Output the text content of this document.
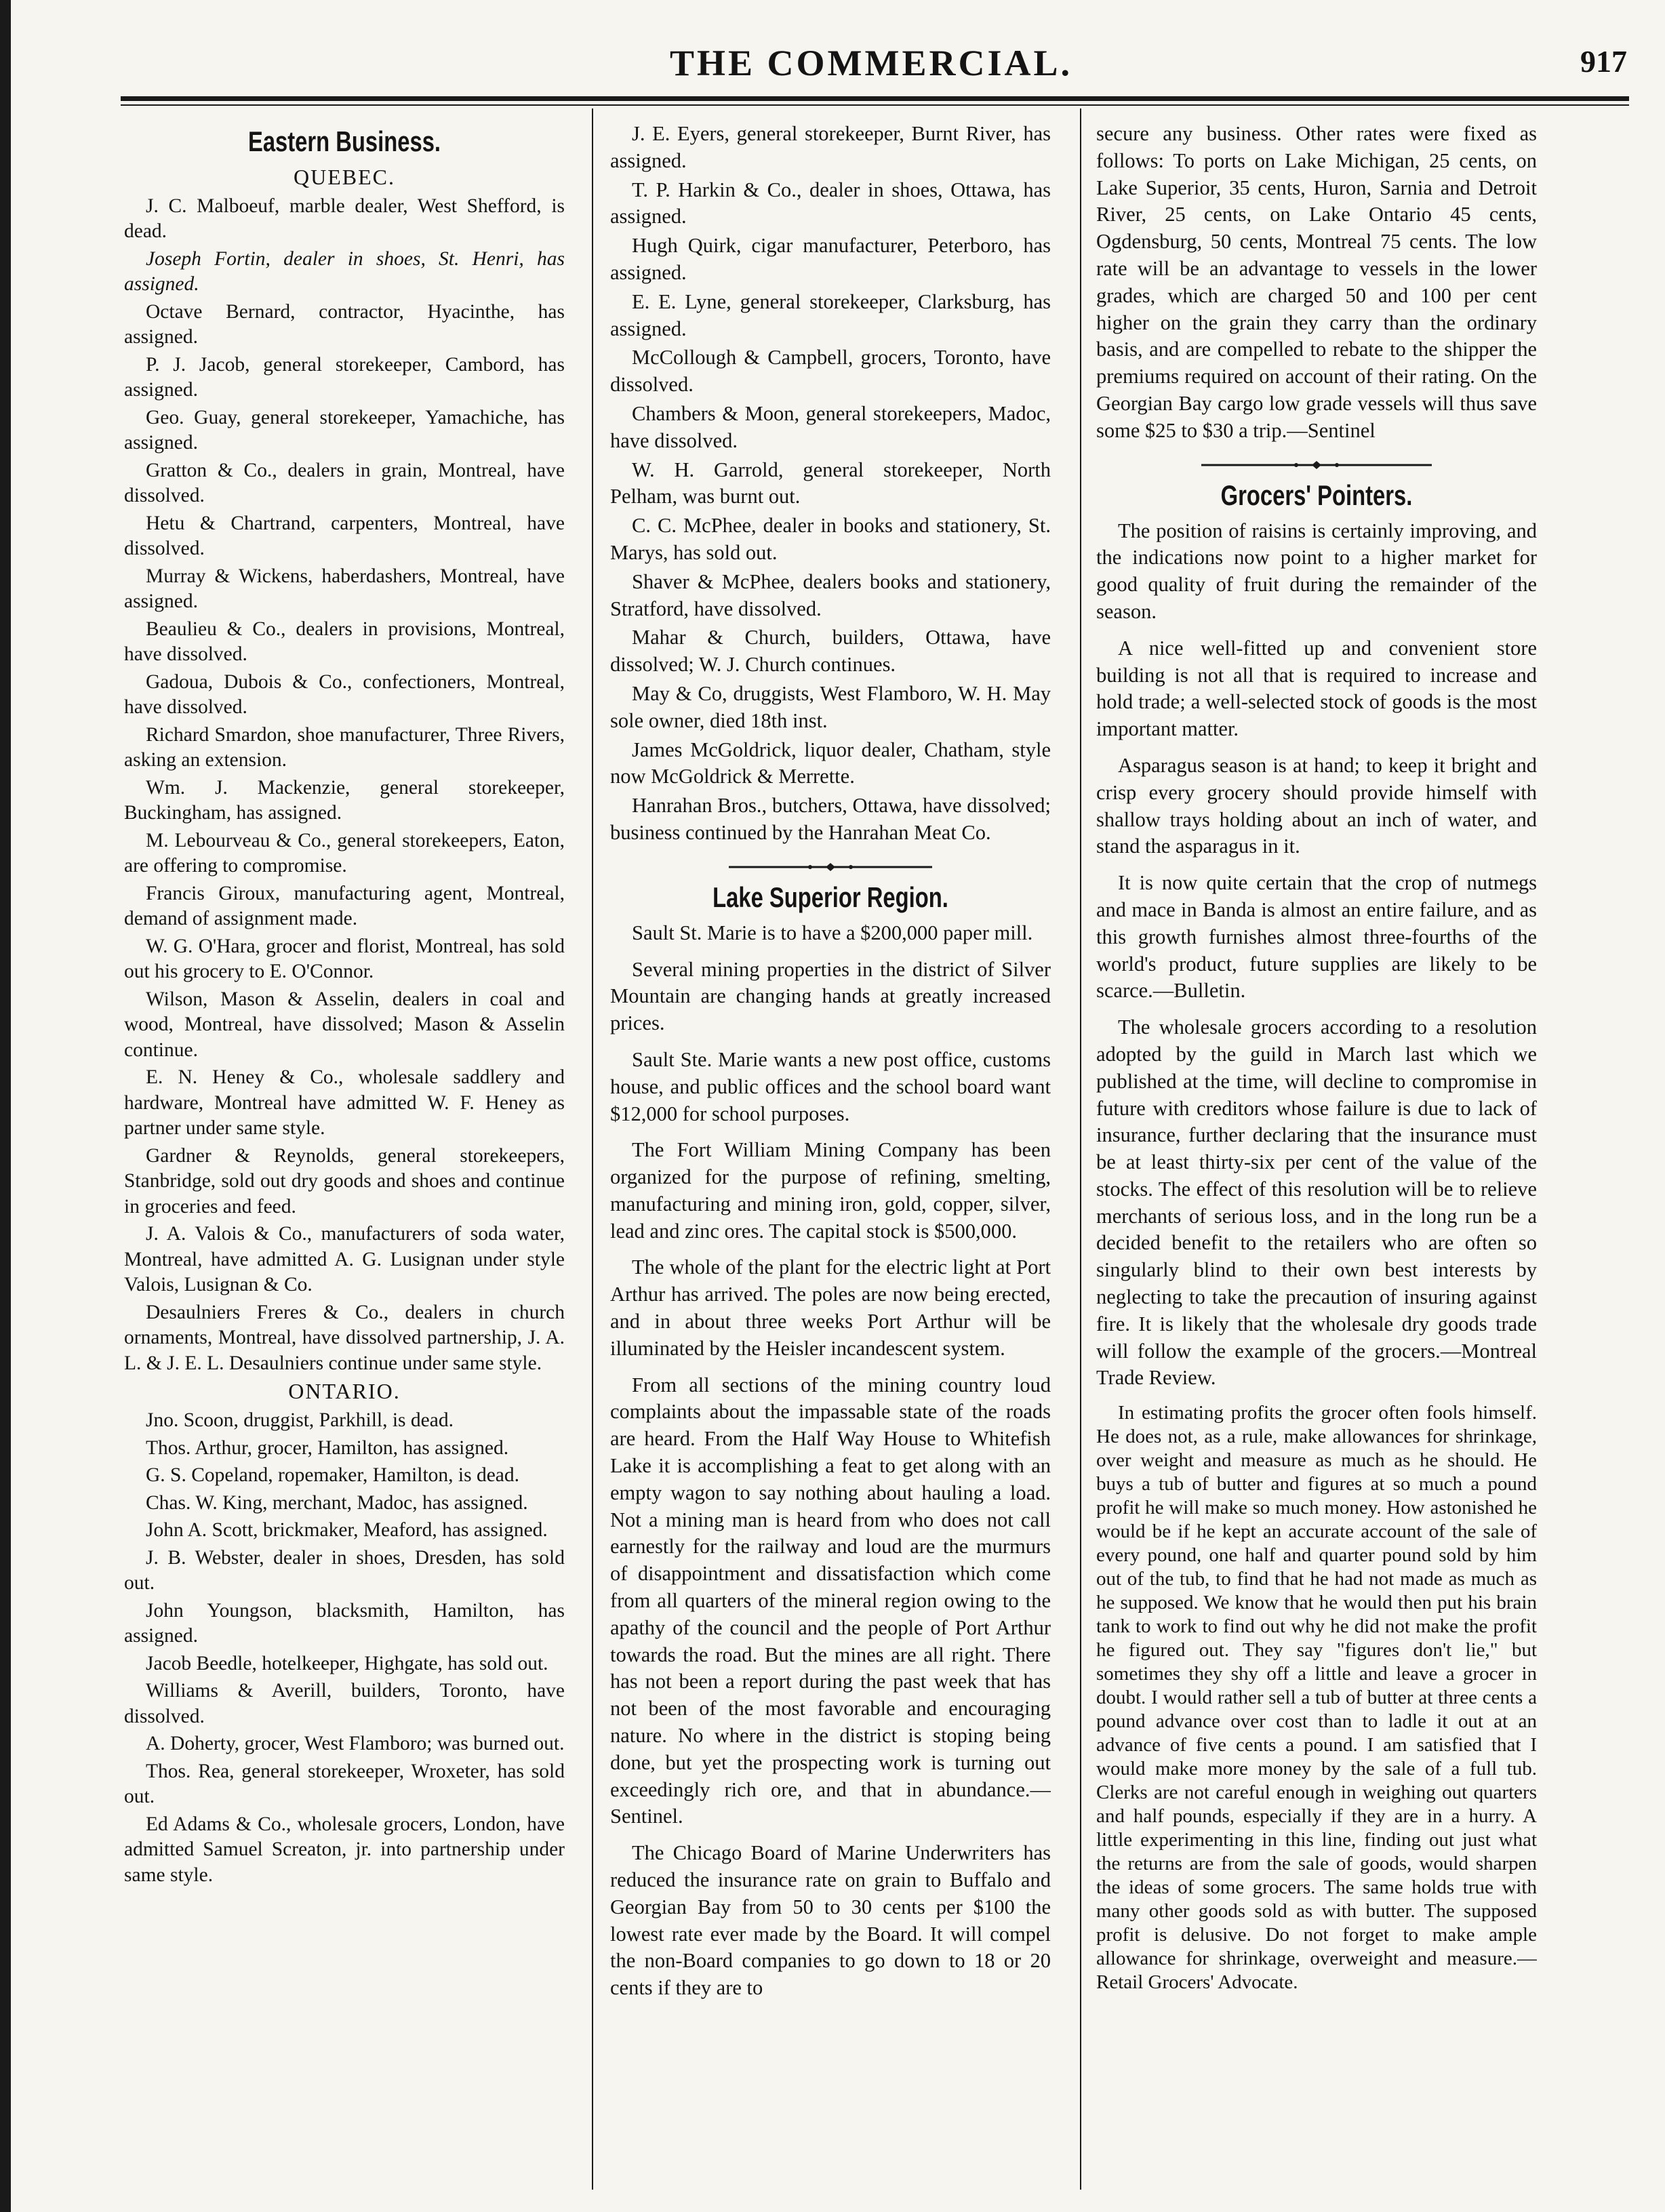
THE COMMERCIAL.	917
Eastern Business.
QUEBEC.

J. C. Malboeuf, marble dealer, West Shefford, is dead.

Joseph Fortin, dealer in shoes, St. Henri, has assigned.

Octave Bernard, contractor, Hyacinthe, has assigned.

P. J. Jacob, general storekeeper, Cambord, has assigned.

Geo. Guay, general storekeeper, Yamachiche, has assigned.

Gratton & Co., dealers in grain, Montreal, have dissolved.

Hetu & Chartrand, carpenters, Montreal, have dissolved.

Murray & Wickens, haberdashers, Montreal, have assigned.

Beaulieu & Co., dealers in provisions, Montreal, have dissolved.

Gadoua, Dubois & Co., confectioners, Montreal, have dissolved.

Richard Smardon, shoe manufacturer, Three Rivers, asking an extension.

Wm. J. Mackenzie, general storekeeper, Buckingham, has assigned.

M. Lebourveau & Co., general storekeepers, Eaton, are offering to compromise.

Francis Giroux, manufacturing agent, Montreal, demand of assignment made.

W. G. O'Hara, grocer and florist, Montreal, has sold out his grocery to E. O'Connor.

Wilson, Mason & Asselin, dealers in coal and wood, Montreal, have dissolved; Mason & Asselin continue.

E. N. Heney & Co., wholesale saddlery and hardware, Montreal have admitted W. F. Heney as partner under same style.

Gardner & Reynolds, general storekeepers, Stanbridge, sold out dry goods and shoes and continue in groceries and feed.

J. A. Valois & Co., manufacturers of soda water, Montreal, have admitted A. G. Lusignan under style Valois, Lusignan & Co.

Desaulniers Freres & Co., dealers in church ornaments, Montreal, have dissolved partnership, J. A. L. & J. E. L. Desaulniers continue under same style.

ONTARIO.

Jno. Scoon, druggist, Parkhill, is dead.

Thos. Arthur, grocer, Hamilton, has assigned.

G. S. Copeland, ropemaker, Hamilton, is dead.

Chas. W. King, merchant, Madoc, has assigned.

John A. Scott, brickmaker, Meaford, has assigned.

J. B. Webster, dealer in shoes, Dresden, has sold out.

John Youngson, blacksmith, Hamilton, has assigned.

Jacob Beedle, hotelkeeper, Highgate, has sold out.

Williams & Averill, builders, Toronto, have dissolved.

A. Doherty, grocer, West Flamboro; was burned out.

Thos. Rea, general storekeeper, Wroxeter, has sold out.

Ed Adams & Co., wholesale grocers, London, have admitted Samuel Screaton, jr. into partnership under same style.

J. E. Eyers, general storekeeper, Burnt River, has assigned.

T. P. Harkin & Co., dealer in shoes, Ottawa, has assigned.

Hugh Quirk, cigar manufacturer, Peterboro, has assigned.

E. E. Lyne, general storekeeper, Clarksburg, has assigned.

McCollough & Campbell, grocers, Toronto, have dissolved.

Chambers & Moon, general storekeepers, Madoc, have dissolved.

W. H. Garrold, general storekeeper, North Pelham, was burnt out.

C. C. McPhee, dealer in books and stationery, St. Marys, has sold out.

Shaver & McPhee, dealers books and stationery, Stratford, have dissolved.

Mahar & Church, builders, Ottawa, have dissolved; W. J. Church continues.

May & Co, druggists, West Flamboro, W. H. May sole owner, died 18th inst.

James McGoldrick, liquor dealer, Chatham, style now McGoldrick & Merrette.

Hanrahan Bros., butchers, Ottawa, have dissolved; business continued by the Hanrahan Meat Co.

Lake Superior Region.

Sault St. Marie is to have a $200,000 paper mill.

Several mining properties in the district of Silver Mountain are changing hands at greatly increased prices.

Sault Ste. Marie wants a new post office, customs house, and public offices and the school board want $12,000 for school purposes.

The Fort William Mining Company has been organized for the purpose of refining, smelting, manufacturing and mining iron, gold, copper, silver, lead and zinc ores. The capital stock is $500,000.

The whole of the plant for the electric light at Port Arthur has arrived. The poles are now being erected, and in about three weeks Port Arthur will be illuminated by the Heisler incandescent system.

From all sections of the mining country loud complaints about the impassable state of the roads are heard. From the Half Way House to Whitefish Lake it is accomplishing a feat to get along with an empty wagon to say nothing about hauling a load. Not a mining man is heard from who does not call earnestly for the railway and loud are the murmurs of disappointment and dissatisfaction which come from all quarters of the mineral region owing to the apathy of the council and the people of Port Arthur towards the road. But the mines are all right. There has not been a report during the past week that has not been of the most favorable and encouraging nature. No where in the district is stoping being done, but yet the prospecting work is turning out exceedingly rich ore, and that in abundance.—Sentinel.

The Chicago Board of Marine Underwriters has reduced the insurance rate on grain to Buffalo and Georgian Bay from 50 to 30 cents per $100 the lowest rate ever made by the Board. It will compel the non-Board companies to go down to 18 or 20 cents if they are to

secure any business. Other rates were fixed as follows: To ports on Lake Michigan, 25 cents, on Lake Superior, 35 cents, Huron, Sarnia and Detroit River, 25 cents, on Lake Ontario 45 cents, Ogdensburg, 50 cents, Montreal 75 cents. The low rate will be an advantage to vessels in the lower grades, which are charged 50 and 100 per cent higher on the grain they carry than the ordinary basis, and are compelled to rebate to the shipper the premiums required on account of their rating. On the Georgian Bay cargo low grade vessels will thus save some $25 to $30 a trip.—Sentinel

Grocers' Pointers.

The position of raisins is certainly improving, and the indications now point to a higher market for good quality of fruit during the remainder of the season.

A nice well-fitted up and convenient store building is not all that is required to increase and hold trade; a well-selected stock of goods is the most important matter.

Asparagus season is at hand; to keep it bright and crisp every grocery should provide himself with shallow trays holding about an inch of water, and stand the asparagus in it.

It is now quite certain that the crop of nutmegs and mace in Banda is almost an entire failure, and as this growth furnishes almost three-fourths of the world's product, future supplies are likely to be scarce.—Bulletin.

The wholesale grocers according to a resolution adopted by the guild in March last which we published at the time, will decline to compromise in future with creditors whose failure is due to lack of insurance, further declaring that the insurance must be at least thirty-six per cent of the value of the stocks. The effect of this resolution will be to relieve merchants of serious loss, and in the long run be a decided benefit to the retailers who are often so singularly blind to their own best interests by neglecting to take the precaution of insuring against fire. It is likely that the wholesale dry goods trade will follow the example of the grocers.—Montreal Trade Review.

In estimating profits the grocer often fools himself. He does not, as a rule, make allowances for shrinkage, over weight and measure as much as he should. He buys a tub of butter and figures at so much a pound profit he will make so much money. How astonished he would be if he kept an accurate account of the sale of every pound, one half and quarter pound sold by him out of the tub, to find that he had not made as much as he supposed. We know that he would then put his brain tank to work to find out why he did not make the profit he figured out. They say "figures don't lie," but sometimes they shy off a little and leave a grocer in doubt. I would rather sell a tub of butter at three cents a pound advance over cost than to ladle it out at an advance of five cents a pound. I am satisfied that I would make more money by the sale of a full tub. Clerks are not careful enough in weighing out quarters and half pounds, especially if they are in a hurry. A little experimenting in this line, finding out just what the returns are from the sale of goods, would sharpen the ideas of some grocers. The same holds true with many other goods sold as with butter. The supposed profit is delusive. Do not forget to make ample allowance for shrinkage, overweight and measure.—Retail Grocers' Advocate.
